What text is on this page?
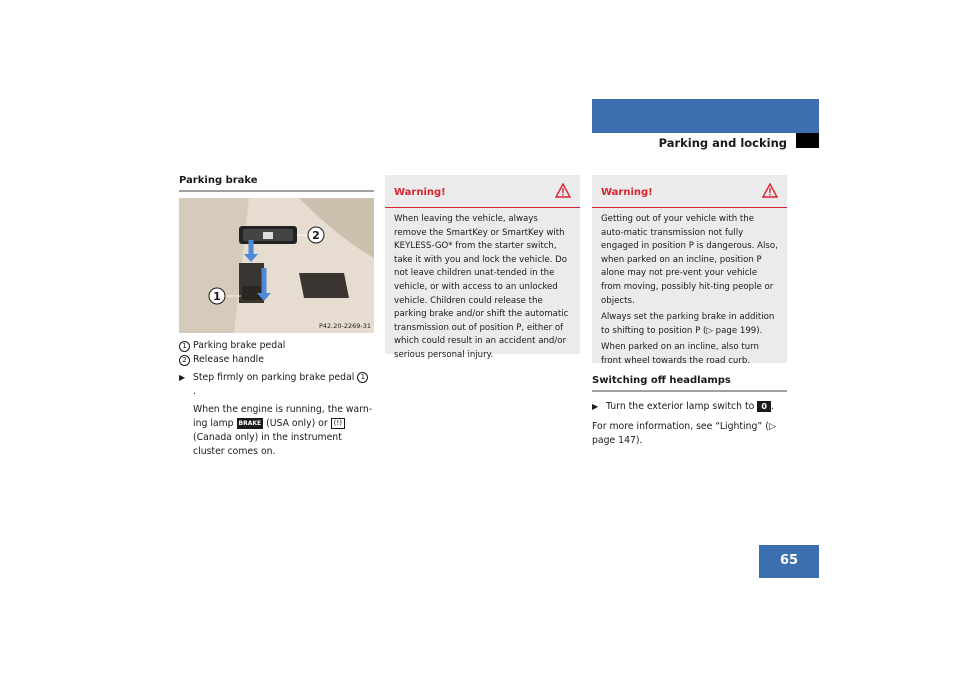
Getting started
Parking and locking
Parking brake
2
1
P42.20-2269-31
1 Parking brake pedal
2 Release handle
▶ Step firmly on parking brake pedal 1.
When the engine is running, the warn-ing lamp BRAKE (USA only) or (!) (Canada only) in the instrument cluster comes on.
Warning!

When leaving the vehicle, always remove the SmartKey or SmartKey with KEYLESS-GO* from the starter switch, take it with you and lock the vehicle. Do not leave children unat-tended in the vehicle, or with access to an unlocked vehicle. Children could release the parking brake and/or shift the automatic transmission out of position P, either of which could result in an accident and/or serious personal injury.

Warning!

Getting out of your vehicle with the auto-matic transmission not fully engaged in position P is dangerous. Also, when parked on an incline, position P alone may not pre-vent your vehicle from moving, possibly hit-ting people or objects.

Always set the parking brake in addition to shifting to position P (▷ page 199).

When parked on an incline, also turn front wheel towards the road curb.

Switching off headlamps
▶ Turn the exterior lamp switch to 0 .
For more information, see “Lighting” (▷ page 147).
65
